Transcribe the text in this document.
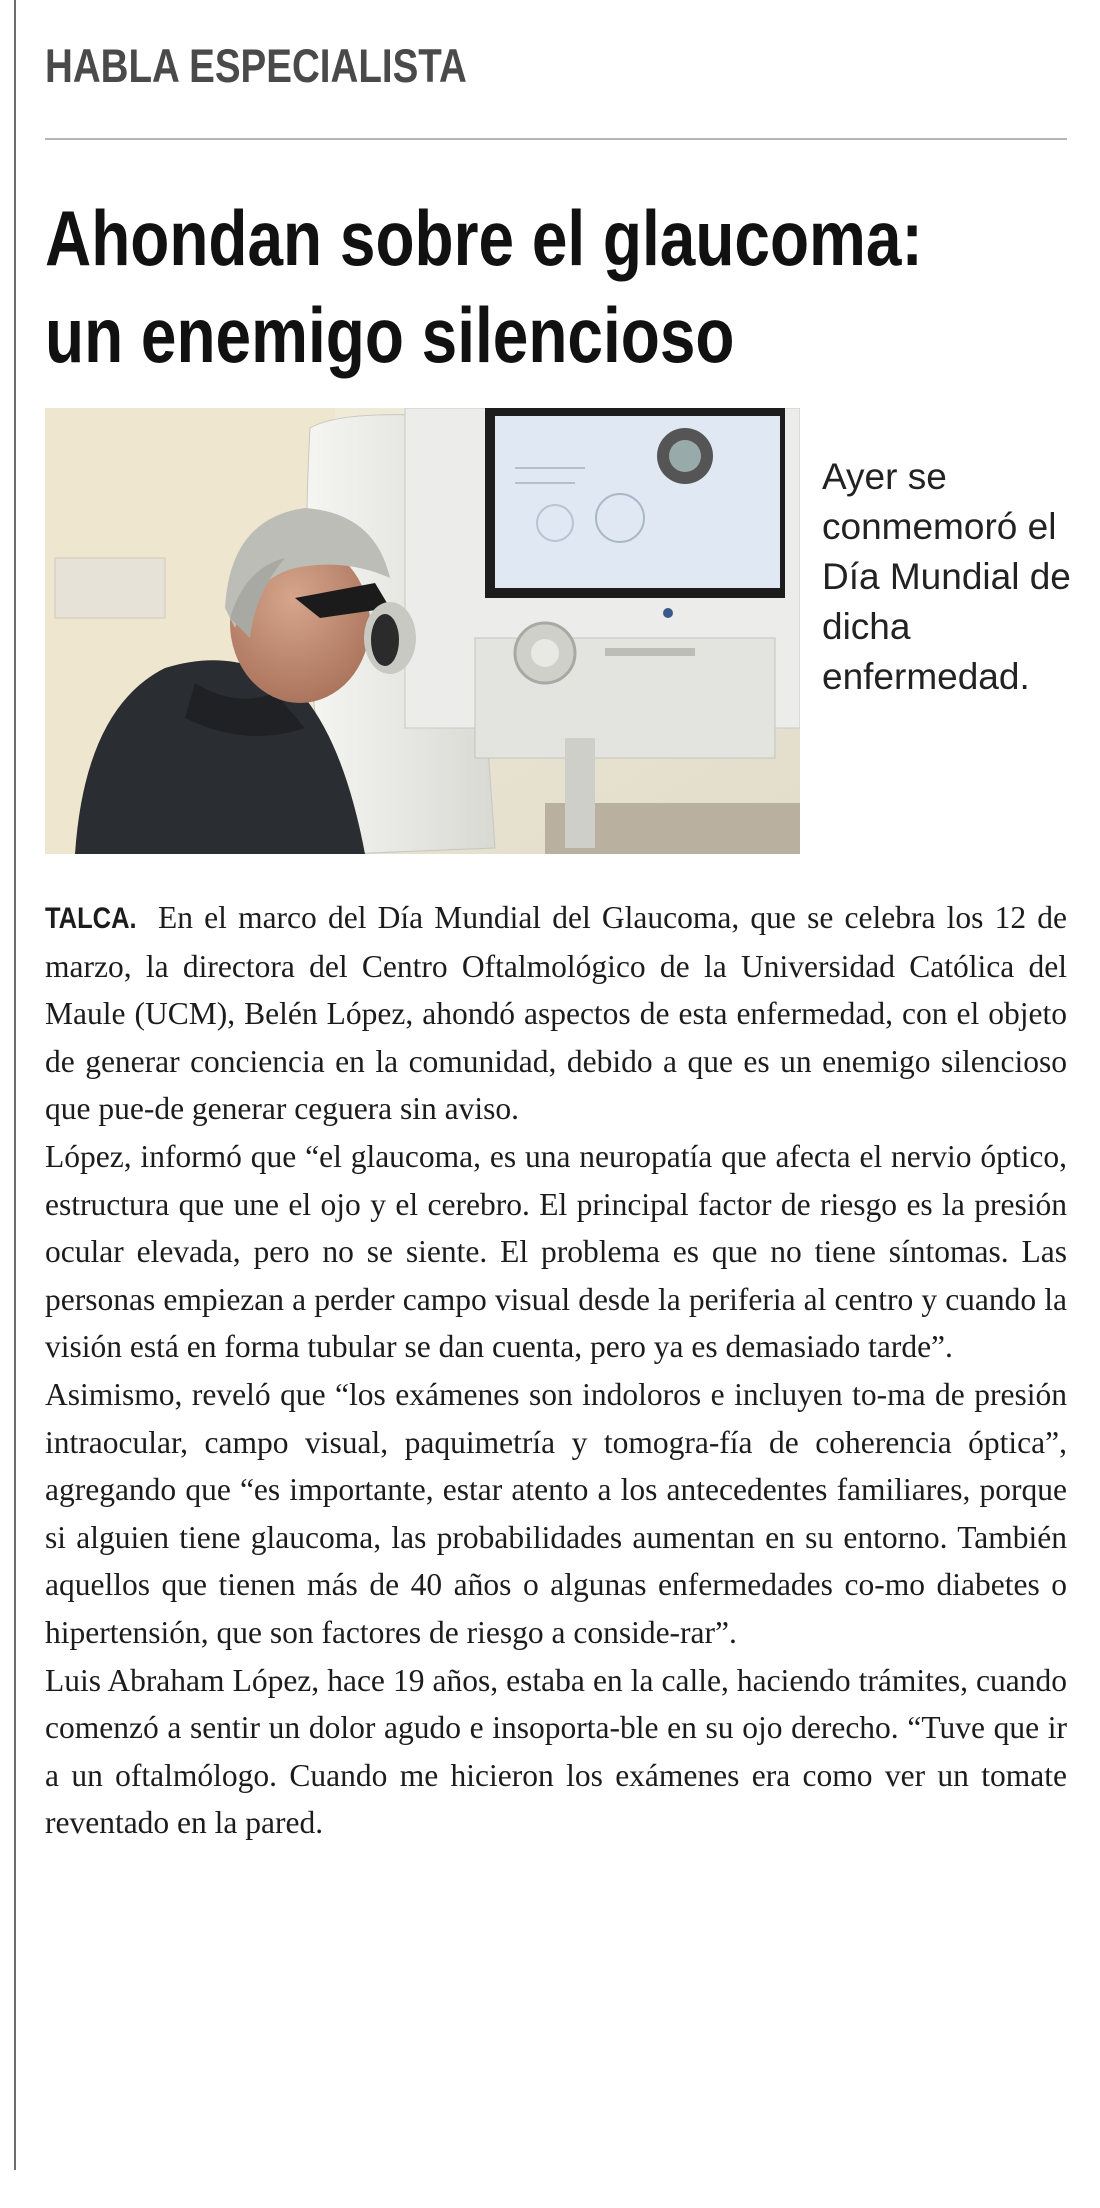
HABLA ESPECIALISTA
Ahondan sobre el glaucoma:
un enemigo silencioso
Ayer se conmemoró el Día Mundial de dicha enfermedad.

TALCA. En el marco del Día Mundial del Glaucoma, que se celebra los 12 de marzo, la directora del Centro Oftalmológico de la Universidad Católica del Maule (UCM), Belén López, ahondó aspectos de esta enfermedad, con el objeto de generar conciencia en la comunidad, debido a que es un enemigo silencioso que pue-de generar ceguera sin aviso.

López, informó que “el glaucoma, es una neuropatía que afecta el nervio óptico, estructura que une el ojo y el cerebro. El principal factor de riesgo es la presión ocular elevada, pero no se siente. El problema es que no tiene síntomas. Las personas empiezan a perder campo visual desde la periferia al centro y cuando la visión está en forma tubular se dan cuenta, pero ya es demasiado tarde”.

Asimismo, reveló que “los exámenes son indoloros e incluyen to-ma de presión intraocular, campo visual, paquimetría y tomogra-fía de coherencia óptica”, agregando que “es importante, estar atento a los antecedentes familiares, porque si alguien tiene glaucoma, las probabilidades aumentan en su entorno. También aquellos que tienen más de 40 años o algunas enfermedades co-mo diabetes o hipertensión, que son factores de riesgo a conside-rar”.

Luis Abraham López, hace 19 años, estaba en la calle, haciendo trámites, cuando comenzó a sentir un dolor agudo e insoporta-ble en su ojo derecho. “Tuve que ir a un oftalmólogo. Cuando me hicieron los exámenes era como ver un tomate reventado en la pared.
